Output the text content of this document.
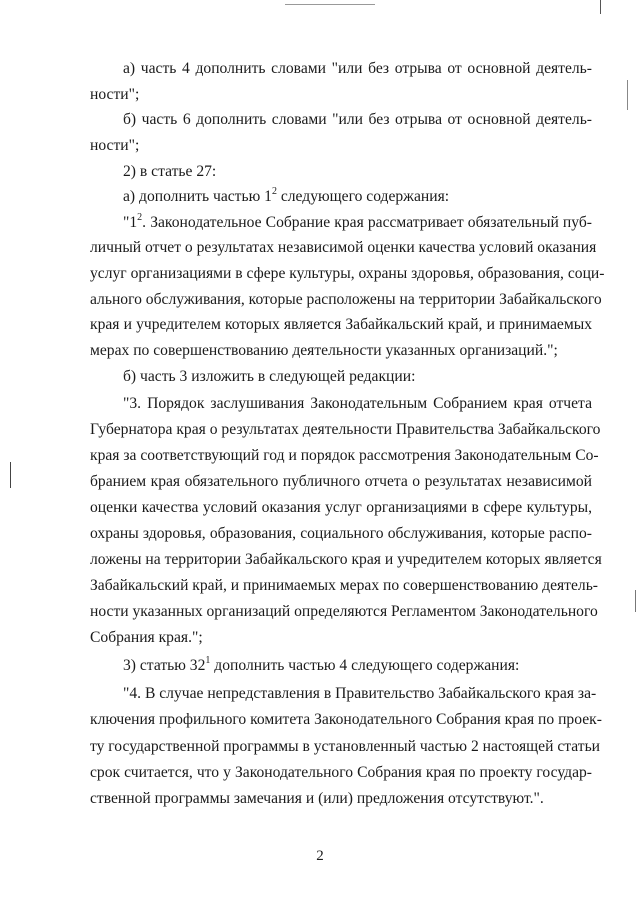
а) часть 4 дополнить словами "или без отрыва от основной деятель-
ности";
б) часть 6 дополнить словами "или без отрыва от основной деятель-
ности";
2) в статье 27:
а) дополнить частью $1^2$ следующего содержания:
"$1^2$. Законодательное Собрание края рассматривает обязательный пуб-
личный отчет о результатах независимой оценки качества условий оказания
услуг организациями в сфере культуры, охраны здоровья, образования, соци-
ального обслуживания, которые расположены на территории Забайкальского
края и учредителем которых является Забайкальский край, и принимаемых
мерах по совершенствованию деятельности указанных организаций.";
б) часть 3 изложить в следующей редакции:
"3. Порядок заслушивания Законодательным Собранием края отчета
Губернатора края о результатах деятельности Правительства Забайкальского
края за соответствующий год и порядок рассмотрения Законодательным Со-
бранием края обязательного публичного отчета о результатах независимой
оценки качества условий оказания услуг организациями в сфере культуры,
охраны здоровья, образования, социального обслуживания, которые распо-
ложены на территории Забайкальского края и учредителем которых является
Забайкальский край, и принимаемых мерах по совершенствованию деятель-
ности указанных организаций определяются Регламентом Законодательного
Собрания края.";
3) статью $32^1$ дополнить частью 4 следующего содержания:
"4. В случае непредставления в Правительство Забайкальского края за-
ключения профильного комитета Законодательного Собрания края по проек-
ту государственной программы в установленный частью 2 настоящей статьи
срок считается, что у Законодательного Собрания края по проекту государ-
ственной программы замечания и (или) предложения отсутствуют.".
2
